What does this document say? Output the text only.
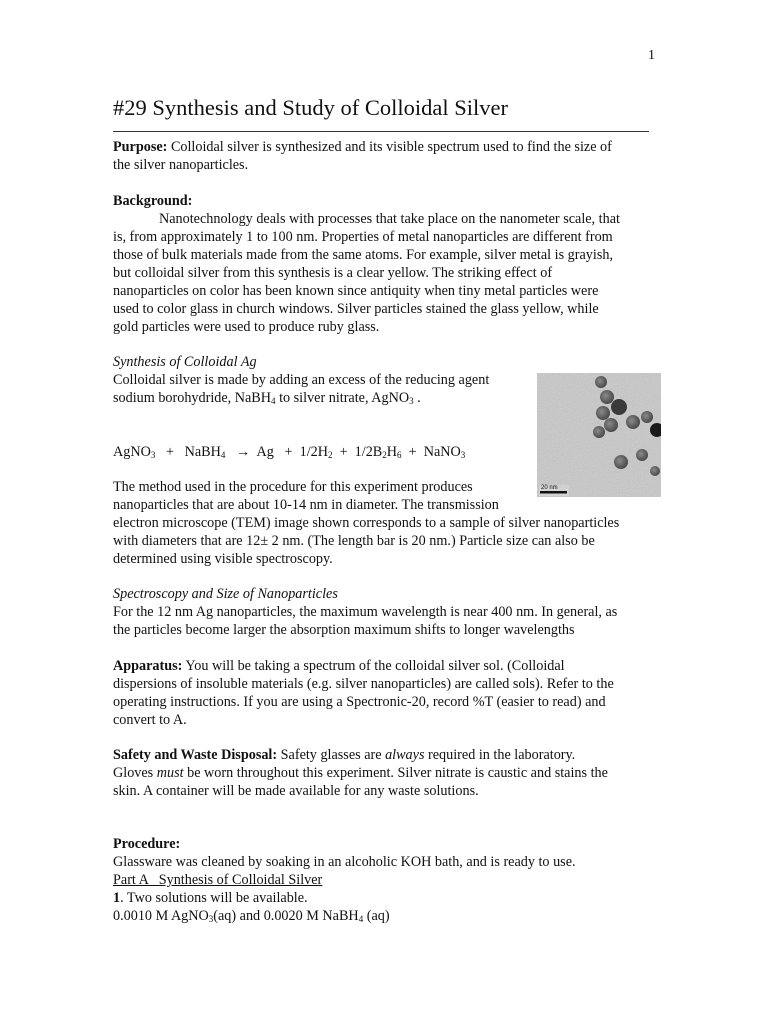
1
#29 Synthesis and Study of Colloidal Silver
Purpose: Colloidal silver is synthesized and its visible spectrum used to find the size of
the silver nanoparticles.
Background:
Nanotechnology deals with processes that take place on the nanometer scale, that
is, from approximately 1 to 100 nm. Properties of metal nanoparticles are different from
those of bulk materials made from the same atoms. For example, silver metal is grayish,
but colloidal silver from this synthesis is a clear yellow. The striking effect of
nanoparticles on color has been known since antiquity when tiny metal particles were
used to color glass in church windows. Silver particles stained the glass yellow, while
gold particles were used to produce ruby glass.
Synthesis of Colloidal Ag
Colloidal silver is made by adding an excess of the reducing agent
sodium borohydride, NaBH$_4$ to silver nitrate, AgNO$_3$ .
AgNO$_3$   +   NaBH$_4$   →  $Ag + 1/2H_2 + 1/2B_2H_6$  +  NaNO$_3$
The method used in the procedure for this experiment produces
nanoparticles that are about 10-14 nm in diameter. The transmission
electron microscope (TEM) image shown corresponds to a sample of silver nanoparticles
with diameters that are 12± 2 nm. (The length bar is 20 nm.) Particle size can also be
determined using visible spectroscopy.
20 nm
Spectroscopy and Size of Nanoparticles
For the 12 nm Ag nanoparticles, the maximum wavelength is near 400 nm. In general, as
the particles become larger the absorption maximum shifts to longer wavelengths
Apparatus: You will be taking a spectrum of the colloidal silver sol. (Colloidal
dispersions of insoluble materials (e.g. silver nanoparticles) are called sols). Refer to the
operating instructions. If you are using a Spectronic-20, record %T (easier to read) and
convert to A.
Safety and Waste Disposal: Safety glasses are always required in the laboratory.
Gloves must be worn throughout this experiment. Silver nitrate is caustic and stains the
skin. A container will be made available for any waste solutions.
Procedure:
Glassware was cleaned by soaking in an alcoholic KOH bath, and is ready to use.
Part A   Synthesis of Colloidal Silver
1. Two solutions will be available.
0.0010 M AgNO$_3$(aq) and 0.0020 M NaBH$_4$ (aq)
